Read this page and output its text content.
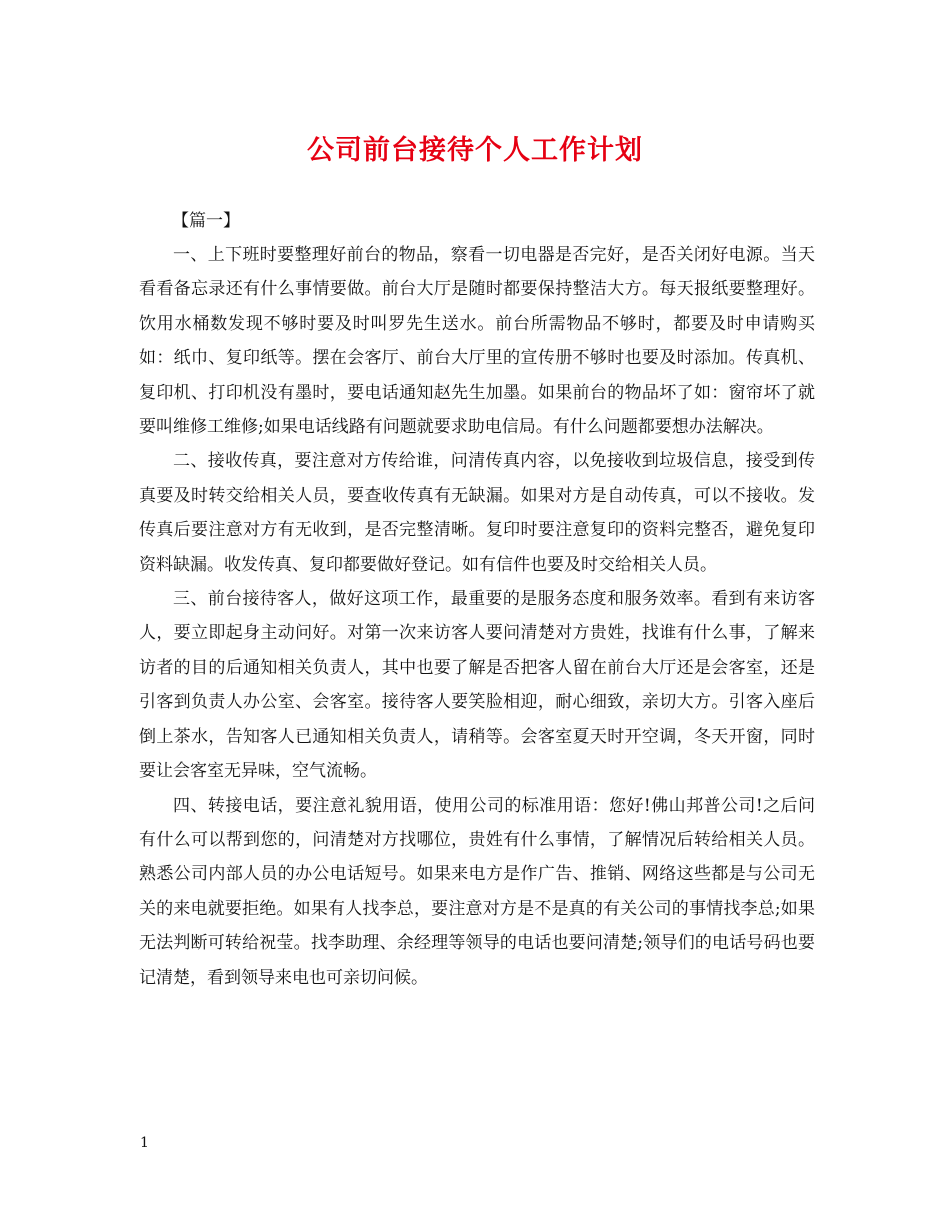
公司前台接待个人工作计划

【篇一】

一、上下班时要整理好前台的物品，察看一切电器是否完好，是否关闭好电源。当天看看备忘录还有什么事情要做。前台大厅是随时都要保持整洁大方。每天报纸要整理好。饮用水桶数发现不够时要及时叫罗先生送水。前台所需物品不够时，都要及时申请购买如：纸巾、复印纸等。摆在会客厅、前台大厅里的宣传册不够时也要及时添加。传真机、复印机、打印机没有墨时，要电话通知赵先生加墨。如果前台的物品坏了如：窗帘坏了就要叫维修工维修;如果电话线路有问题就要求助电信局。有什么问题都要想办法解决。

二、接收传真，要注意对方传给谁，问清传真内容，以免接收到垃圾信息，接受到传真要及时转交给相关人员，要查收传真有无缺漏。如果对方是自动传真，可以不接收。发传真后要注意对方有无收到，是否完整清晰。复印时要注意复印的资料完整否，避免复印资料缺漏。收发传真、复印都要做好登记。如有信件也要及时交给相关人员。

三、前台接待客人，做好这项工作，最重要的是服务态度和服务效率。看到有来访客人，要立即起身主动问好。对第一次来访客人要问清楚对方贵姓，找谁有什么事，了解来访者的目的后通知相关负责人，其中也要了解是否把客人留在前台大厅还是会客室，还是引客到负责人办公室、会客室。接待客人要笑脸相迎，耐心细致，亲切大方。引客入座后倒上茶水，告知客人已通知相关负责人，请稍等。会客室夏天时开空调，冬天开窗，同时要让会客室无异味，空气流畅。

四、转接电话，要注意礼貌用语，使用公司的标准用语：您好!佛山邦普公司!之后问有什么可以帮到您的，问清楚对方找哪位，贵姓有什么事情，了解情况后转给相关人员。熟悉公司内部人员的办公电话短号。如果来电方是作广告、推销、网络这些都是与公司无关的来电就要拒绝。如果有人找李总，要注意对方是不是真的有关公司的事情找李总;如果无法判断可转给祝莹。找李助理、余经理等领导的电话也要问清楚;领导们的电话号码也要记清楚，看到领导来电也可亲切问候。

1
